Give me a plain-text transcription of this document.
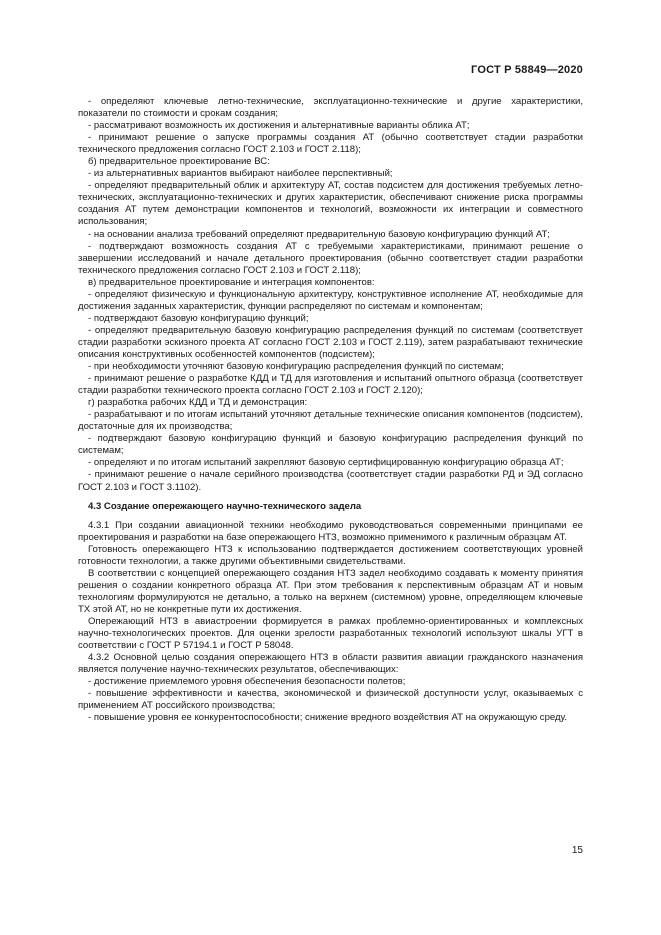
ГОСТ Р 58849—2020

- определяют ключевые летно-технические, эксплуатационно-технические и другие характеристики, показатели по стоимости и срокам создания;

- рассматривают возможность их достижения и альтернативные варианты облика АТ;

- принимают решение о запуске программы создания АТ (обычно соответствует стадии разработки технического предложения согласно ГОСТ 2.103 и ГОСТ 2.118);

б) предварительное проектирование ВС:

- из альтернативных вариантов выбирают наиболее перспективный;

- определяют предварительный облик и архитектуру АТ, состав подсистем для достижения требуемых летно-технических, эксплуатационно-технических и других характеристик, обеспечивают снижение риска программы создания АТ путем демонстрации компонентов и технологий, возможности их интеграции и совместного использования;

- на основании анализа требований определяют предварительную базовую конфигурацию функций АТ;

- подтверждают возможность создания АТ с требуемыми характеристиками, принимают решение о завершении исследований и начале детального проектирования (обычно соответствует стадии разработки технического предложения согласно ГОСТ 2.103 и ГОСТ 2.118);

в) предварительное проектирование и интеграция компонентов:

- определяют физическую и функциональную архитектуру, конструктивное исполнение АТ, необходимые для достижения заданных характеристик, функции распределяют по системам и компонентам;

- подтверждают базовую конфигурацию функций;

- определяют предварительную базовую конфигурацию распределения функций по системам (соответствует стадии разработки эскизного проекта АТ согласно ГОСТ 2.103 и ГОСТ 2.119), затем разрабатывают технические описания конструктивных особенностей компонентов (подсистем);

- при необходимости уточняют базовую конфигурацию распределения функций по системам;

- принимают решение о разработке КДД и ТД для изготовления и испытаний опытного образца (соответствует стадии разработки технического проекта согласно ГОСТ 2.103 и ГОСТ 2.120);

г) разработка рабочих КДД и ТД и демонстрация:

- разрабатывают и по итогам испытаний уточняют детальные технические описания компонентов (подсистем), достаточные для их производства;

- подтверждают базовую конфигурацию функций и базовую конфигурацию распределения функций по системам;

- определяют и по итогам испытаний закрепляют базовую сертифицированную конфигурацию образца АТ;

- принимают решение о начале серийного производства (соответствует стадии разработки РД и ЭД согласно ГОСТ 2.103 и ГОСТ 3.1102).

4.3 Создание опережающего научно-технического задела

4.3.1 При создании авиационной техники необходимо руководствоваться современными принципами ее проектирования и разработки на базе опережающего НТЗ, возможно применимого к различным образцам АТ.

Готовность опережающего НТЗ к использованию подтверждается достижением соответствующих уровней готовности технологии, а также другими объективными свидетельствами.

В соответствии с концепцией опережающего создания НТЗ задел необходимо создавать к моменту принятия решения о создании конкретного образца АТ. При этом требования к перспективным образцам АТ и новым технологиям формулируются не детально, а только на верхнем (системном) уровне, определяющем ключевые ТХ этой АТ, но не конкретные пути их достижения.

Опережающий НТЗ в авиастроении формируется в рамках проблемно-ориентированных и комплексных научно-технологических проектов. Для оценки зрелости разработанных технологий используют шкалы УГТ в соответствии с ГОСТ Р 57194.1 и ГОСТ Р 58048.

4.3.2 Основной целью создания опережающего НТЗ в области развития авиации гражданского назначения является получение научно-технических результатов, обеспечивающих:

- достижение приемлемого уровня обеспечения безопасности полетов;

- повышение эффективности и качества, экономической и физической доступности услуг, оказываемых с применением АТ российского производства;

- повышение уровня ее конкурентоспособности; снижение вредного воздействия АТ на окружающую среду.

15
